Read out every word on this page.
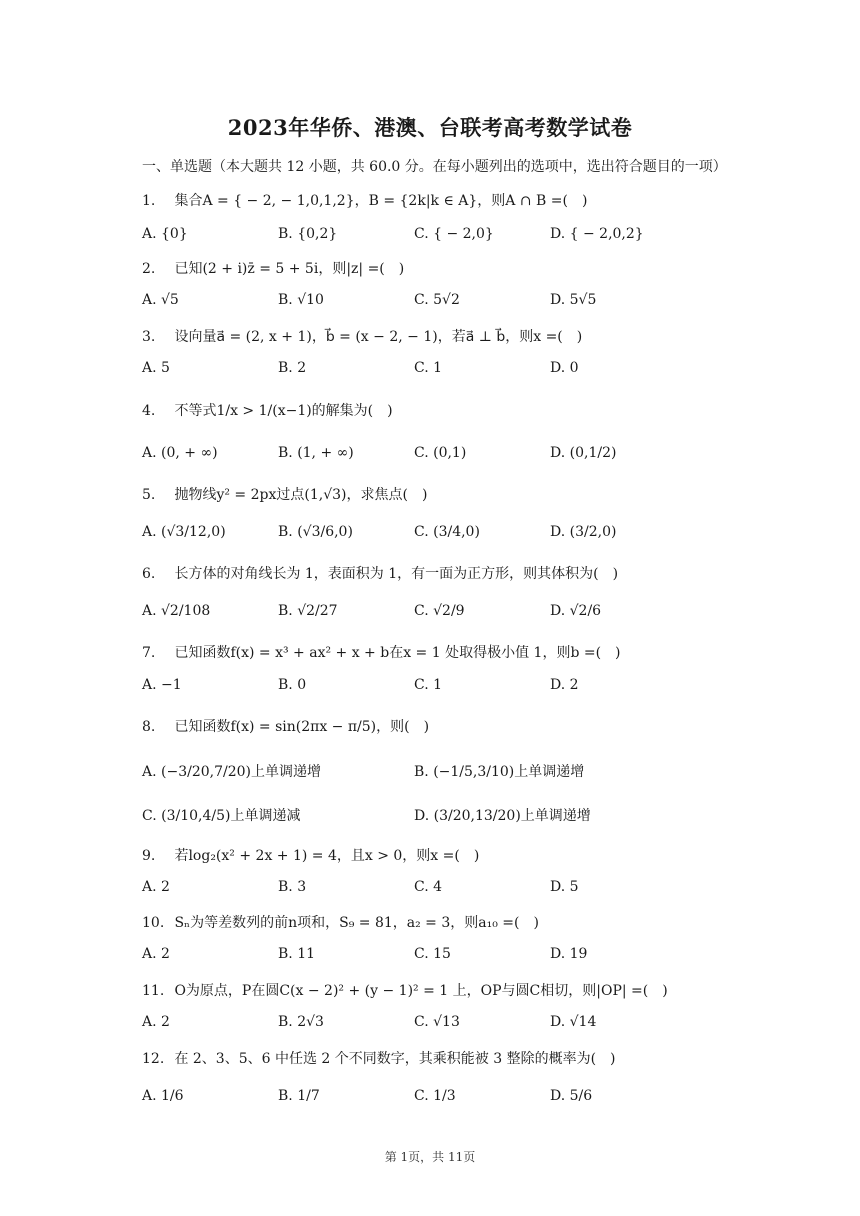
2023年华侨、港澳、台联考高考数学试卷
一、单选题（本大题共 12 小题，共 60.0 分。在每小题列出的选项中，选出符合题目的一项）
1. 集合A = { − 2, − 1,0,1,2}，B = {2k|k ∈ A}，则A ∩ B =(　)
A. {0}	B. {0,2}	C. { − 2,0}	D. { − 2,0,2}
2. 已知(2 + i)z̄ = 5 + 5i，则|z| =(　)
A. √5	B. √10	C. 5√2	D. 5√5
3. 设向量a⃗ = (2, x + 1)，b⃗ = (x − 2, − 1)，若a⃗ ⊥ b⃗，则x =(　)
A. 5	B. 2	C. 1	D. 0
4. 不等式1/x > 1/(x−1)的解集为(　)
A. (0, + ∞)	B. (1, + ∞)	C. (0,1)	D. (0,1/2)
5. 抛物线y² = 2px过点(1,√3)，求焦点(　)
A. (√3/12,0)	B. (√3/6,0)	C. (3/4,0)	D. (3/2,0)
6. 长方体的对角线长为 1，表面积为 1，有一面为正方形，则其体积为(　)
A. √2/108	B. √2/27	C. √2/9	D. √2/6
7. 已知函数f(x) = x³ + ax² + x + b在x = 1 处取得极小值 1，则b =(　)
A. −1	B. 0	C. 1	D. 2
8. 已知函数f(x) = sin(2πx − π/5)，则(　)
A. (−3/20,7/20)上单调递增	B. (−1/5,3/10)上单调递增
C. (3/10,4/5)上单调递减	D. (3/20,13/20)上单调递增
9. 若log₂(x² + 2x + 1) = 4，且x > 0，则x =(　)
A. 2	B. 3	C. 4	D. 5
10. Sₙ为等差数列的前n项和，S₉ = 81，a₂ = 3，则a₁₀ =(　)
A. 2	B. 11	C. 15	D. 19
11. O为原点，P在圆C(x − 2)² + (y − 1)² = 1 上，OP与圆C相切，则|OP| =(　)
A. 2	B. 2√3	C. √13	D. √14
12. 在 2、3、5、6 中任选 2 个不同数字，其乘积能被 3 整除的概率为(　)
A. 1/6	B. 1/7	C. 1/3	D. 5/6
第 1页，共 11页
